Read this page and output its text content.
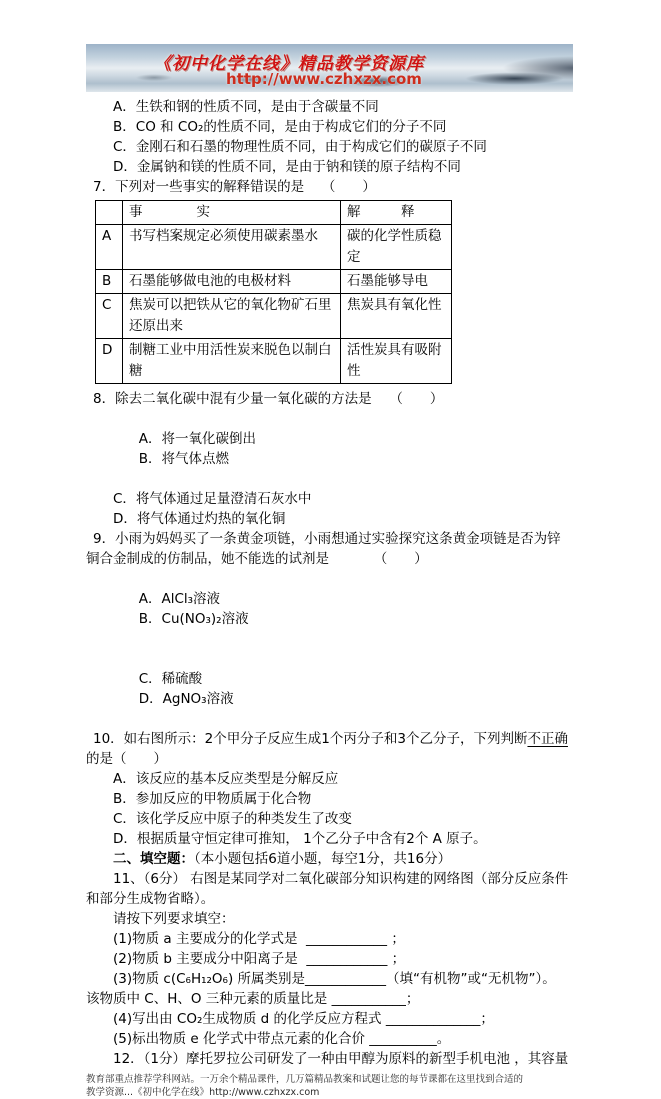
《初中化学在线》精品教学资源库
http://www.czhxzx.com
A．生铁和钢的性质不同，是由于含碳量不同
B．CO 和 CO₂的性质不同，是由于构成它们的分子不同
C．金刚石和石墨的物理性质不同，由于构成它们的碳原子不同
D．金属钠和镁的性质不同，是由于钠和镁的原子结构不同
7．下列对一些事实的解释错误的是　 （　　）
	事　　　　实	解　　　释
A	书写档案规定必须使用碳素墨水	碳的化学性质稳定
B	石墨能够做电池的电极材料	石墨能够导电
C	焦炭可以把铁从它的氧化物矿石里还原出来	焦炭具有氧化性
D	制糖工业中用活性炭来脱色以制白糖	活性炭具有吸附性
8．除去二氧化碳中混有少量一氧化碳的方法是　 （　　）

A．将一氧化碳倒出
B．将气体点燃

C．将气体通过足量澄清石灰水中
D．将气体通过灼热的氧化铜
9．小雨为妈妈买了一条黄金项链，小雨想通过实验探究这条黄金项链是否为锌
铜合金制成的仿制品，她不能选的试剂是　　　 （　　）

A．AlCl₃溶液
B．Cu(NO₃)₂溶液

C．稀硫酸
D．AgNO₃溶液

10．如右图所示：2个甲分子反应生成1个丙分子和3个乙分子，下列判断不正确
的是（　　）
A．该反应的基本反应类型是分解反应
B．参加反应的甲物质属于化合物
C．该化学反应中原子的种类发生了改变
D．根据质量守恒定律可推知， 1个乙分子中含有2个 A 原子。
二、填空题：（本小题包括6道小题，每空1分，共16分）
11、（6分） 右图是某同学对二氧化碳部分知识构建的网络图（部分反应条件
和部分生成物省略）。
请按下列要求填空：
(1)物质 a 主要成分的化学式是  ____________ ；
(2)物质 b 主要成分中阳离子是  ____________ ；
(3)物质 c(C₆H₁₂O₆) 所属类别是____________（填“有机物”或“无机物”）。
该物质中 C、H、O 三种元素的质量比是 ___________；
(4)写出由 CO₂生成物质 d 的化学反应方程式 ______________；
(5)标出物质 e 化学式中带点元素的化合价 __________。
12．（1分）摩托罗拉公司研发了一种由甲醇为原料的新型手机电池 ，其容量
教育部重点推荐学科网站。一万余个精品课件，几万篇精品教案和试题让您的每节课都在这里找到合适的
教学资源...《初中化学在线》http://www.czhxzx.com
